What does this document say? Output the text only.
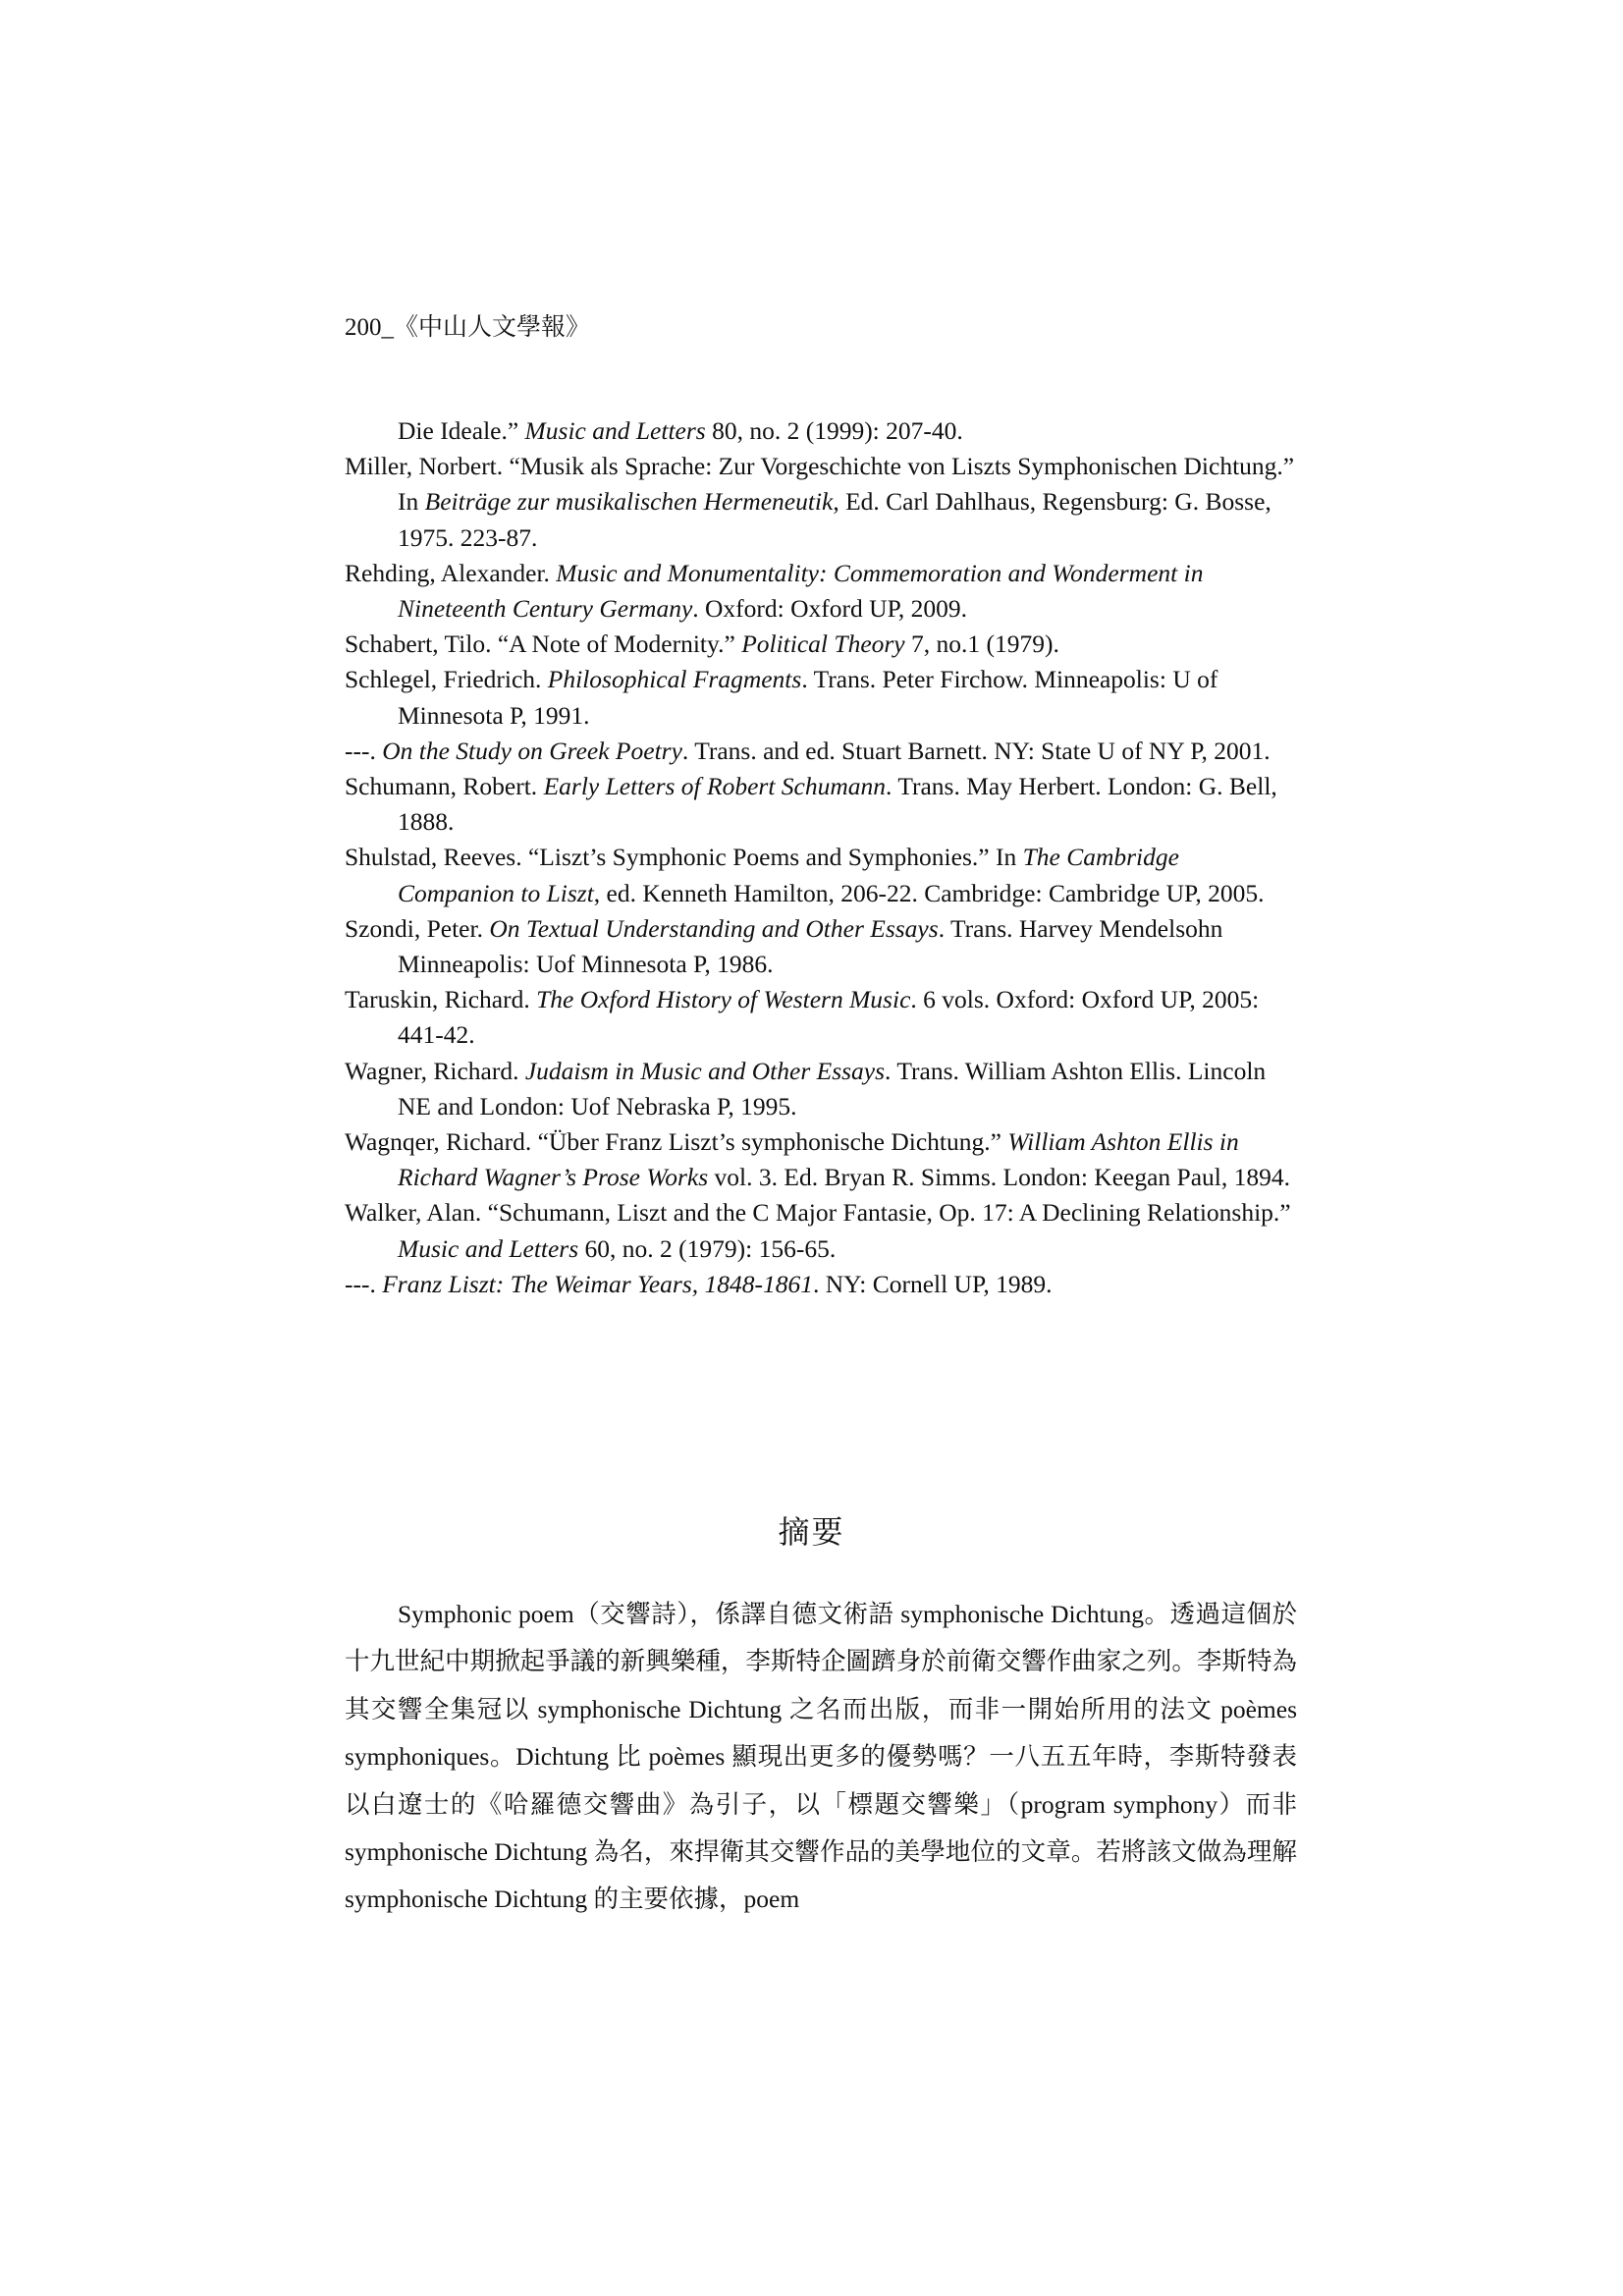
200_《中山人文學報》
Die Ideale.” Music and Letters 80, no. 2 (1999): 207-40.
Miller, Norbert. “Musik als Sprache: Zur Vorgeschichte von Liszts Symphonischen Dichtung.” In Beiträge zur musikalischen Hermeneutik, Ed. Carl Dahlhaus, Regensburg: G. Bosse, 1975. 223-87.
Rehding, Alexander. Music and Monumentality: Commemoration and Wonderment in Nineteenth Century Germany. Oxford: Oxford UP, 2009.
Schabert, Tilo. “A Note of Modernity.” Political Theory 7, no.1 (1979).
Schlegel, Friedrich. Philosophical Fragments. Trans. Peter Firchow. Minneapolis: U of Minnesota P, 1991.
---. On the Study on Greek Poetry. Trans. and ed. Stuart Barnett. NY: State U of NY P, 2001.
Schumann, Robert. Early Letters of Robert Schumann. Trans. May Herbert. London: G. Bell, 1888.
Shulstad, Reeves. “Liszt’s Symphonic Poems and Symphonies.” In The Cambridge Companion to Liszt, ed. Kenneth Hamilton, 206-22. Cambridge: Cambridge UP, 2005.
Szondi, Peter. On Textual Understanding and Other Essays. Trans. Harvey Mendelsohn Minneapolis: Uof Minnesota P, 1986.
Taruskin, Richard. The Oxford History of Western Music. 6 vols. Oxford: Oxford UP, 2005: 441-42.
Wagner, Richard. Judaism in Music and Other Essays. Trans. William Ashton Ellis. Lincoln NE and London: Uof Nebraska P, 1995.
Wagnqer, Richard. “Über Franz Liszt’s symphonische Dichtung.” William Ashton Ellis in Richard Wagner’s Prose Works vol. 3. Ed. Bryan R. Simms. London: Keegan Paul, 1894.
Walker, Alan. “Schumann, Liszt and the C Major Fantasie, Op. 17: A Declining Relationship.” Music and Letters 60, no. 2 (1979): 156-65.
---. Franz Liszt: The Weimar Years, 1848-1861. NY: Cornell UP, 1989.
摘要
Symphonic poem（交響詩），係譯自德文術語 symphonische Dichtung。透過這個於十九世紀中期掀起爭議的新興樂種，李斯特企圖躋身於前衛交響作曲家之列。李斯特為其交響全集冠以 symphonische Dichtung 之名而出版，而非一開始所用的法文 poèmes symphoniques。Dichtung 比 poèmes 顯現出更多的優勢嗎？一八五五年時，李斯特發表以白遼士的《哈羅德交響曲》為引子，以「標題交響樂」（program symphony）而非 symphonische Dichtung 為名，來捍衛其交響作品的美學地位的文章。若將該文做為理解 symphonische Dichtung 的主要依據，poem
